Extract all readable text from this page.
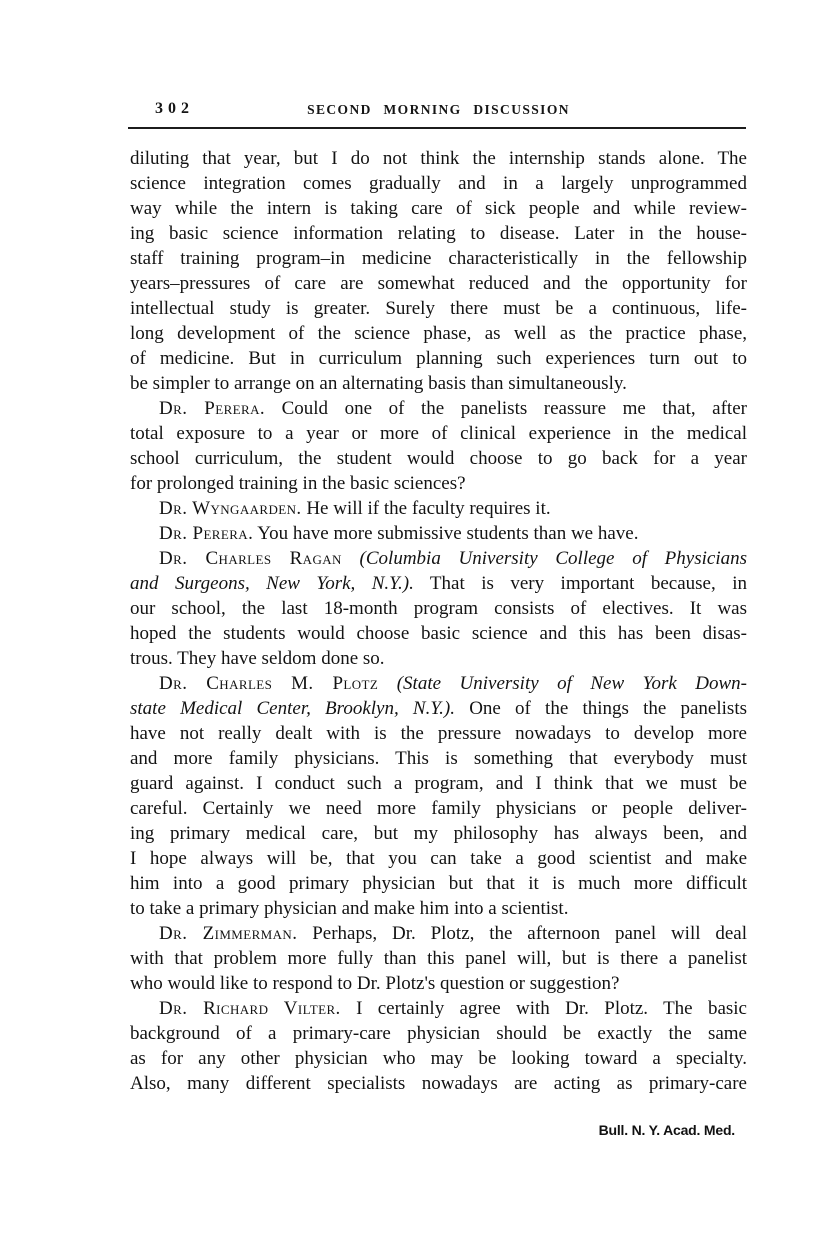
302	SECOND MORNING DISCUSSION
diluting that year, but I do not think the internship stands alone. The
science integration comes gradually and in a largely unprogrammed
way while the intern is taking care of sick people and while review-
ing basic science information relating to disease. Later in the house-
staff training program–in medicine characteristically in the fellowship
years–pressures of care are somewhat reduced and the opportunity for
intellectual study is greater. Surely there must be a continuous, life-
long development of the science phase, as well as the practice phase,
of medicine. But in curriculum planning such experiences turn out to
be simpler to arrange on an alternating basis than simultaneously.
Dr. Perera. Could one of the panelists reassure me that, after
total exposure to a year or more of clinical experience in the medical
school curriculum, the student would choose to go back for a year
for prolonged training in the basic sciences?
Dr. Wyngaarden. He will if the faculty requires it.
Dr. Perera. You have more submissive students than we have.
Dr. Charles Ragan (Columbia University College of Physicians
and Surgeons, New York, N.Y.). That is very important because, in
our school, the last 18-month program consists of electives. It was
hoped the students would choose basic science and this has been disas-
trous. They have seldom done so.
Dr. Charles M. Plotz (State University of New York Down-
state Medical Center, Brooklyn, N.Y.). One of the things the panelists
have not really dealt with is the pressure nowadays to develop more
and more family physicians. This is something that everybody must
guard against. I conduct such a program, and I think that we must be
careful. Certainly we need more family physicians or people deliver-
ing primary medical care, but my philosophy has always been, and
I hope always will be, that you can take a good scientist and make
him into a good primary physician but that it is much more difficult
to take a primary physician and make him into a scientist.
Dr. Zimmerman. Perhaps, Dr. Plotz, the afternoon panel will deal
with that problem more fully than this panel will, but is there a panelist
who would like to respond to Dr. Plotz's question or suggestion?
Dr. Richard Vilter. I certainly agree with Dr. Plotz. The basic
background of a primary-care physician should be exactly the same
as for any other physician who may be looking toward a specialty.
Also, many different specialists nowadays are acting as primary-care
Bull. N. Y. Acad. Med.
